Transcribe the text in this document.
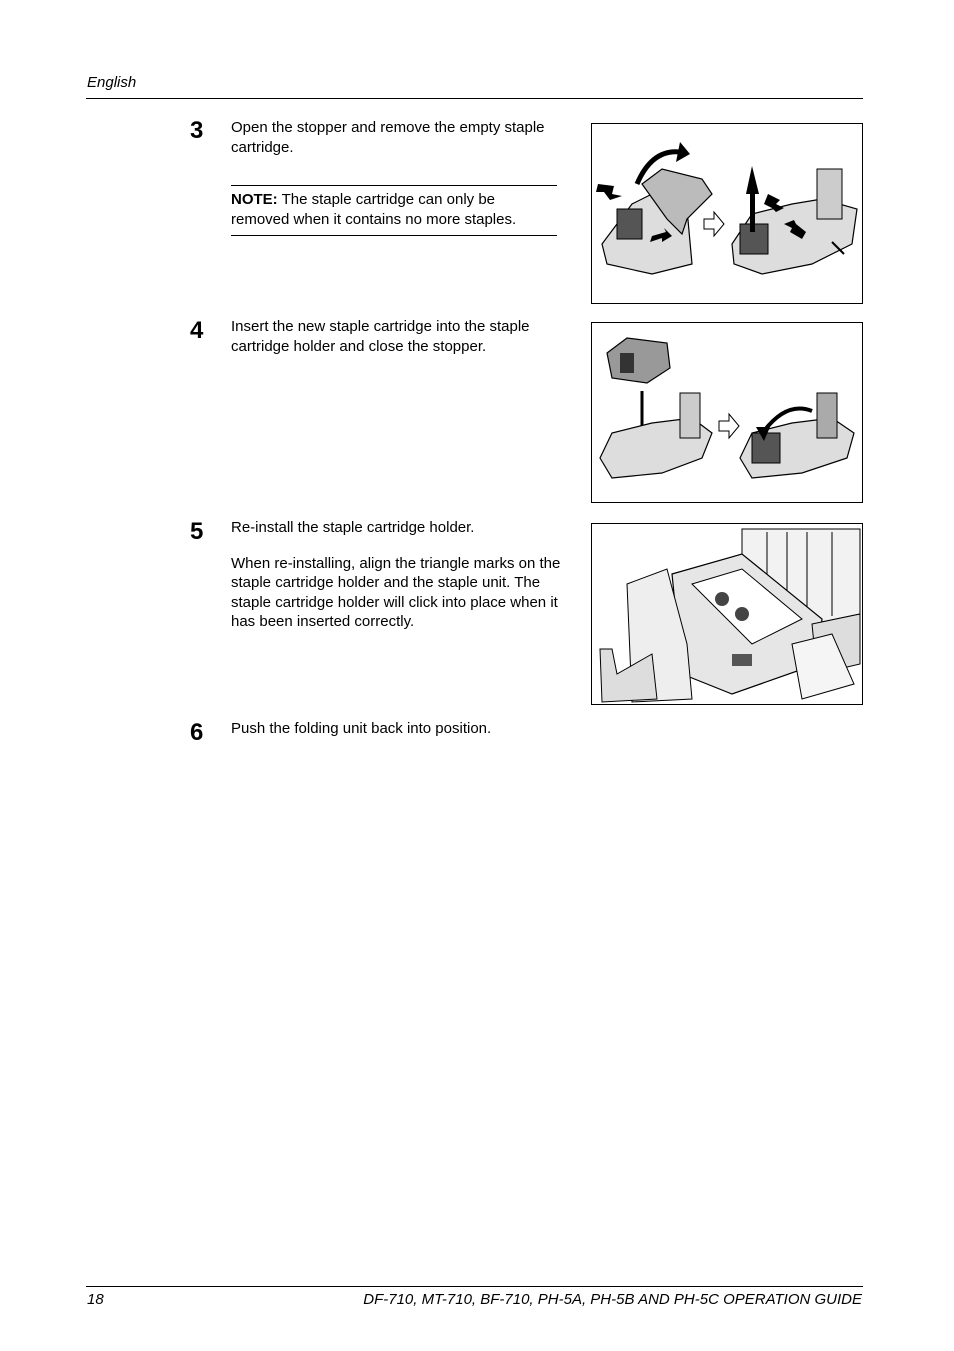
English
3 Open the stopper and remove the empty staple cartridge.

NOTE: The staple cartridge can only be removed when it contains no more staples.
4 Insert the new staple cartridge into the staple cartridge holder and close the stopper.

5 Re-install the staple cartridge holder.

When re-installing, align the triangle marks on the staple cartridge holder and the staple unit. The staple cartridge holder will click into place when it has been inserted correctly.

6 Push the folding unit back into position.

18	DF-710, MT-710, BF-710, PH-5A, PH-5B AND PH-5C OPERATION GUIDE
